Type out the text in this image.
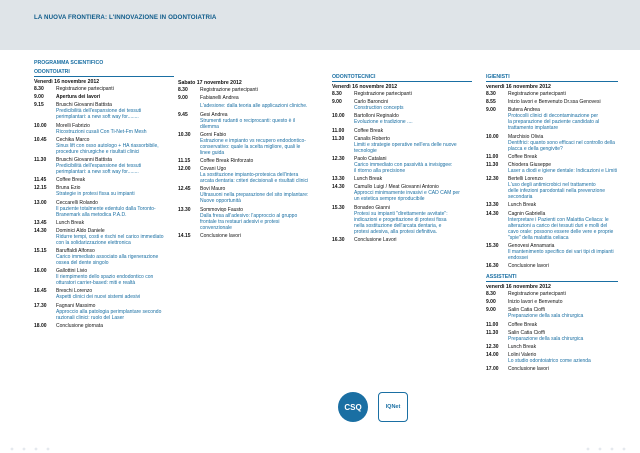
LA NUOVA FRONTIERA: L'INNOVAZIONE IN ODONTOIATRIA
PROGRAMMA SCIENTIFICO
ODONTOIATRI
Venerdì 16 novembre 2012
8.30	Registrazione partecipanti
9.00	Apertura dei lavori
9.15	Bruschi Giovanni Battista
Predicibilità dell'espansione dei tessuti
perimplantari: a new soft way for........
10.00	Morelli Fabrizio
Ricostruzioni cusali Con Ti-Net-Fm Mesh
10.45	Cechika Marco
Sinus lift con osso autologo + HA riassorbibile,
procedure chirurgiche e risultati clinici
11.30	Bruschi Giovanni Battista
Predicibilità dell'espansione dei tessuti
perimplantari: a new soft way for........
11.45	Coffee Break
12.15	Bruna Ezio
Strategie in protesi fissa su impianti
13.00	Ceccarelli Rolando
Il paziente totalmente edentulo dalla Toronto-
Branemark alla metodica P.A.D.
13.45	Lunch Break
14.30	Dominici Aldo Daniele
Ridurre tempi, costi e rischi nel carico immediato
con la solidarizzazione elettronica
15.15	Baruffaldi Alfonso
Carico immediato associato alla rigenerazione
ossea del dente singolo
16.00	Gallottini Livio
Il riempimento dello spazio endodontico con
otturatori carrier-based: miti e realtà
16.45	Breschi Lorenzo
Aspetti clinici dei nuovi sistemi adesivi
17.30	Fagnani Massimo
Approccio alla patologia perimplantare secondo
razionali clinici: ruolo del Laser
18.00	Conclusione giornata
Sabato 17 novembre 2012
8.30	Registrazione partecipanti
9.00	Fabianelli Andrea
L'adesione: dalla teoria alle applicazioni cliniche.
9.45	Gesi Andrea
Strumenti rudanti o reciprocanti: questo è il
dilemma
10.30	Gorni Fabio
Estrazione e impianto vs recupero endodontico-
conservativo: quale la scelta migliore, quali le
linee guida
11.15	Coffee Break Rinforzato
12.00	Covani Ugo
La sostituzione impianto-protesica dell'intera
arcata dentaria: criteri decisionali e risultati clinici
12.45	Bovi Mauro
Ultrasuoni nella preparazione del sito implantare:
Nuove opportunità
13.30	Sommoviqo Fausto
Dalla fresa all'adesivo: l'approccio al gruppo
frontale tra restauri adesivi e protesi
convenzionale
14.15	Conclusione lavori
ODONTOTECNICI
Venerdì 16 novembre 2012
8.30	Registrazione partecipanti
9.00	Carlo Baroncini
Construction concepts
10.00	Bartolloni Reginaldo
Evoluzione e tradizione ....
11.00	Coffee Break
11.30	Canalis Roberto
Limiti e strategie operative nell'era delle nuove
tecnologie
12.30	Paolo Catalani
Carico immediato con passività a invisiggee:
il ritorno alla precisione
13.30	Lunch Break
14.30	Camullo Luigi / Meat Giovanni Antonio
Approcci minimamente invasivi e CAD CAM per
un estetica sempre riproducibile
15.30	Bonadeo Gianni
Protesi su impianti "direttamente avvitate":
indicazioni e progettazione di protesi fissa
nella sostituzione dell'arcata dentaria, e
protesi adesiva, alla protesi definitiva.
16.30	Conclusione Lavori
IGIENISTI
venerdì 16 novembre 2012
8.30	Registrazione partecipanti
8.55	Inizio lavori e Benvenuto Dr.ssa Genovesi
9.00	Butera Andrea
Protocolli clinici di decontaminazione per
la preparazione del paziente candidato al
trattamento implantare
10.00	Marchisio Olivia
Dentifrici: quanto sono efficaci nel controllo della
placca e della gengivite?
11.00	Coffee Break
11.30	Chiodera Giuseppe
Laser a diodi e igiene dentale: Indicazioni e Limiti
12.30	Bertelli Lorenzo
L'uso degli antimicrobici nel trattamento
delle infezioni parodontali nella prevenzione
secondaria
13.30	Lunch Break
14.30	Cagnin Gabriella
Interpretare i Pazienti con Malattia Celiaca: le
alterazioni a carico dei tessuti duri e molli del
cavo orale: possono essere delle vere e proprie
"spie" della malattia celiaca
15.30	Genovesi Annamaria
Il mantenimento specifico dei vari tipi di impianti
endossei
16.30	Conclusione lavori
ASSISTENTI
venerdì 16 novembre 2012
8.30	Registrazione partecipanti
9.00	Inizio lavori e Benvenuto
9.00	Salin Catia Cioffi
Preparazione della sala chirurgica
11.00	Coffee Break
11.30	Salin Catia Cioffi
Preparazione della sala chirurgica
12.30	Lunch Break
14.00	Lolini Valerio
Lo studio odontoiatrico come azienda
17.00	Conclusione lavori
CSQ	IQNet
